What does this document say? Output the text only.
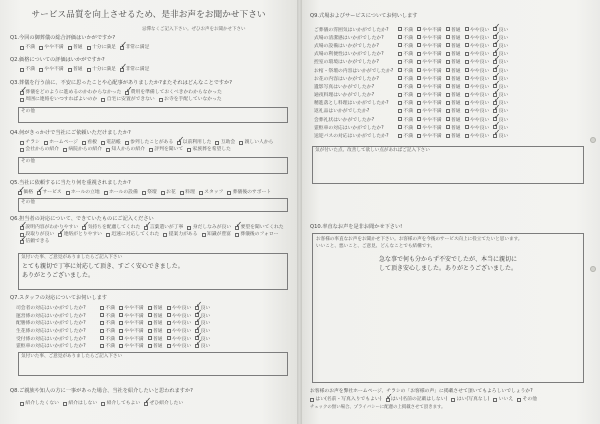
サービス品質を向上させるため、是非お声をお聞かせ下さい
忌憚なくご記入下さい。ぜひお声をお聞かせ下さい
Q1.今回の御葬儀の総合評価はいかがですか?
不満 やや不満 普通 十分に満足 ✓ 非常に満足
Q2.価格についての評価はいかがですか?
不満 やや不満 普通 十分に満足 ✓ 非常に満足
Q3.葬儀を行う前に、不安に思ったことや心配事がありましたか?またそれはどんなことですか?
✓
葬儀をどのように進めるのかわからなかった ✓ 費用を準備しておくべきかわからなかった
周囲に連絡をいつすればよいのか 自宅に安置ができない お寺を手配していなかった
その他
Q4.何がきっかけで当社にご依頼いただけましたか?
チラシ ホームページ 看板 電話帳 参列したことがある ✓ 以前利用した 互助会 親しい人から
会社からの紹介 病院からの紹介 知人からの紹介 評判を聞いて 家族葬を希望した
その他
Q5.当社に依頼するに当たり何を重視されましたか?
✓
価格 ✓ サービス ホールの立地 ホールの設備 祭壇 お花 料理 スタッフ 葬儀後のサポート
その他
Q6.担当者の対応について、できていたものにご記入ください
✓
説明内容がわかりやすい ✓ 気持ちを配慮してくれた ✓ 言葉遣いが丁寧 身だしなみが良い ✓ 要望を聞いてくれた
段取りが良い ✓ 連絡がとりやすい 迅速に対応してくれた 提案力がある 知識が豊富 葬儀後のフォロー
✓
信頼できる
気付いた事、ご意見がありましたらご記入下さい
とても親切で丁寧に対応して頂き、すごく安心できました。
ありがとうございました。
Q7.スタッフの対応についてお伺いします
司会者の対応はいかがでしたか?	不満 やや不満 普通 やや良い ✓ 良い
運営係の対応はいかがでしたか?	不満 やや不満 普通 やや良い ✓ 良い
配膳係の対応はいかがでしたか?	不満 やや不満 普通 やや良い ✓ 良い
生花係の対応はいかがでしたか?	不満 やや不満 普通 やや良い ✓ 良い
受付係の対応はいかがでしたか?	不満 やや不満 普通 やや良い ✓ 良い
霊柩車の対応はいかがでしたか?	不満 やや不満 普通 やや良い ✓ 良い
気付いた事、ご意見がありましたらご記入下さい
Q8.ご親族や知人の方に一事があった場合、当社を紹介したいと思われますか?
紹介したくない 紹介はしない 紹介してもよい ✓ ぜひ紹介したい
Q9.式場およびサービスについてお伺いします
ご葬儀の雰囲気はいかがでしたか?	不満 やや不満 普通 やや良い ✓ 良い
式場の清潔感はいかがでしたか?	不満 やや不満 普通 やや良い ✓ 良い
式場の設備はいかがでしたか?	不満 やや不満 普通 やや良い ✓ 良い
式場の利便性はいかがでしたか?	不満 やや不満 普通 やや良い ✓ 良い
控室の環境はいかがでしたか?	不満 やや不満 普通 やや良い ✓ 良い
お棺・祭壇の内容はいかがでしたか?	不満 やや不満 普通 やや良い ✓ 良い
お花の内容はいかがでしたか?	不満 やや不満 普通 やや良い ✓ 良い
遺影写真はいかがでしたか?	不満 やや不満 普通 やや良い ✓ 良い
通夜料理はいかがでしたか?	不満 やや不満 普通 やや良い ✓ 良い
精進落とし料理はいかがでしたか?	不満 やや不満 普通 やや良い ✓ 良い
返礼品はいかがでしたか?	不満 やや不満 普通 やや良い ✓ 良い
会葬礼状はいかがでしたか?	不満 やや不満 普通 やや良い ✓ 良い
霊柩車の対応はいかがでしたか?	不満 やや不満 普通 やや良い ✓ 良い
送迎バスの対応はいかがでしたか?	不満 やや不満 普通 やや良い ✓ 良い
気が付いた点、改善して欲しい点があればご記入下さい
Q10.率直なお声を是非お聞かせ下さい!
お客様の率直なお声をお聞かせ下さい。お客様の声を今後のサービス向上に役立てたいと思います。
いいこと、悪いこと、ご意見、どんなことでも結構です。
急な事で何も分からず不安でしたが、本当に親切に
して頂き安心しました。ありがとうございました。
お客様のお声を弊社ホームページ、チラシの「お客様の声」に掲載させて頂いてもよろしいでしょうか?
はい(名前・写真入りでもよい) ✓ はい(名前の記載はしない) はい(写真なし) いいえ その他
チェックの無い場合、プライバシーに配慮の上掲載させて頂きます。
